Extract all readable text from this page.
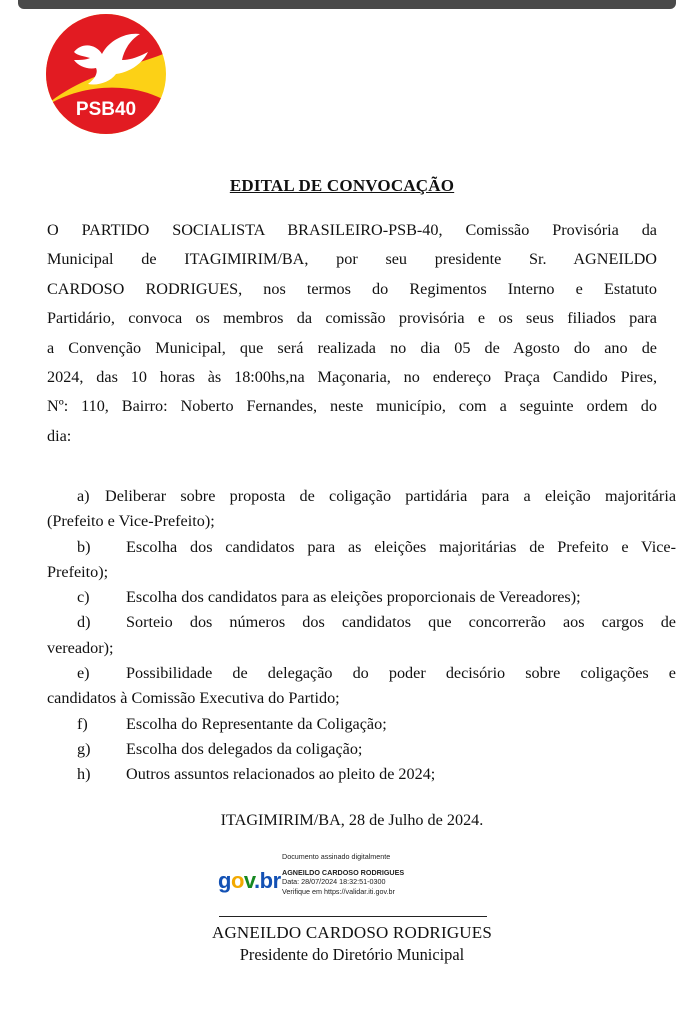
PSB40
EDITAL DE CONVOCAÇÃO
O PARTIDO SOCIALISTA BRASILEIRO-PSB-40, Comissão Provisória da
Municipal de ITAGIMIRIM/BA, por seu presidente Sr. AGNEILDO
CARDOSO RODRIGUES, nos termos do Regimentos Interno e Estatuto
Partidário, convoca os membros da comissão provisória e os seus filiados para
a Convenção Municipal, que será realizada no dia 05 de Agosto do ano de
2024, das 10 horas às 18:00hs,na Maçonaria, no endereço Praça Candido Pires,
Nº: 110, Bairro: Noberto Fernandes, neste município, com a seguinte ordem do
dia:
a) Deliberar sobre proposta de coligação partidária para a eleição majoritária
(Prefeito e Vice-Prefeito);
b) Escolha dos candidatos para as eleições majoritárias de Prefeito e Vice-
Prefeito);
c) Escolha dos candidatos para as eleições proporcionais de Vereadores);
d) Sorteio dos números dos candidatos que concorrerão aos cargos de
vereador);
e) Possibilidade de delegação do poder decisório sobre coligações e
candidatos à Comissão Executiva do Partido;
f) Escolha do Representante da Coligação;
g) Escolha dos delegados da coligação;
h) Outros assuntos relacionados ao pleito de 2024;
ITAGIMIRIM/BA, 28 de Julho de 2024.
gov.br
Documento assinado digitalmente
AGNEILDO CARDOSO RODRIGUES
Data: 28/07/2024 18:32:51-0300
Verifique em https://validar.iti.gov.br
AGNEILDO CARDOSO RODRIGUES
Presidente do Diretório Municipal
